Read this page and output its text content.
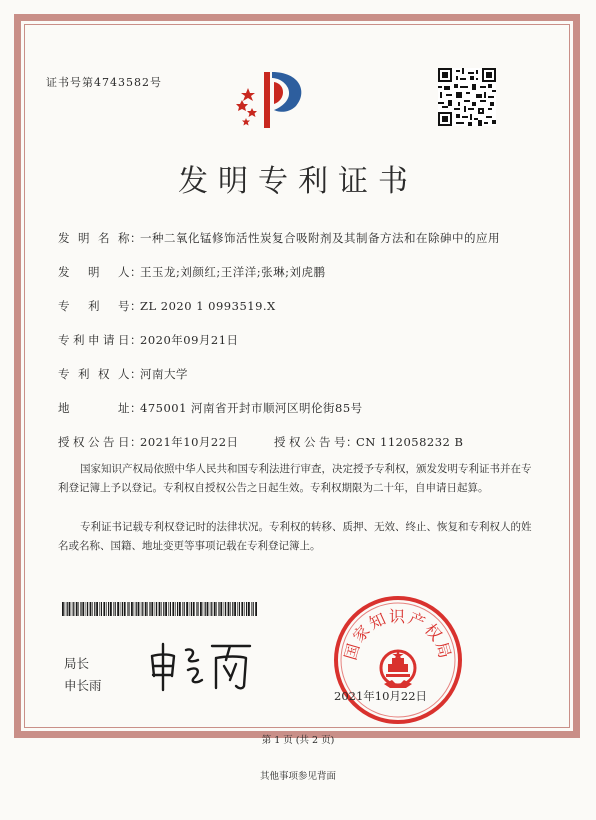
证书号第4743582号
发明专利证书
发明名称：一种二氧化锰修饰活性炭复合吸附剂及其制备方法和在除砷中的应用
发明人：王玉龙;刘颜红;王洋洋;张琳;刘虎鹏
专利号：ZL 2020 1 0993519.X
专利申请日：2020年09月21日
专利权人：河南大学
地址：475001 河南省开封市顺河区明伦街85号
授权公告日：2021年10月22日	授权公告号：CN 112058232 B
国家知识产权局依照中华人民共和国专利法进行审查，决定授予专利权，颁发发明专利证书并在专利登记簿上予以登记。专利权自授权公告之日起生效。专利权期限为二十年，自申请日起算。
专利证书记载专利权登记时的法律状况。专利权的转移、质押、无效、终止、恢复和专利权人的姓名或名称、国籍、地址变更等事项记载在专利登记簿上。
局长
申长雨
国家知识产权局
2021年10月22日
第 1 页 (共 2 页)
其他事项参见背面
